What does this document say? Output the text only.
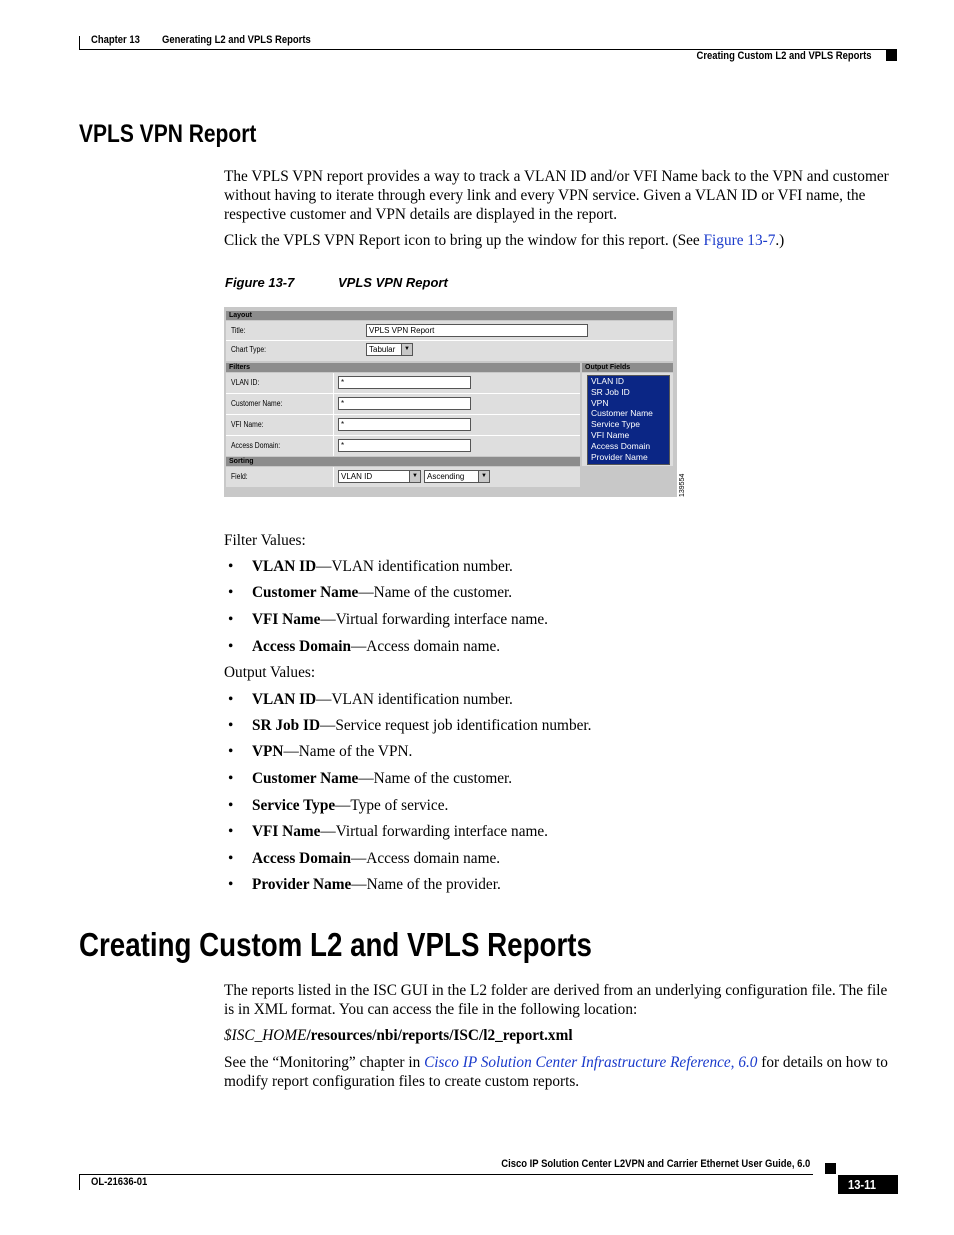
Chapter 13 Generating L2 and VPLS Reports
Creating Custom L2 and VPLS Reports
VPLS VPN Report

The VPLS VPN report provides a way to track a VLAN ID and/or VFI Name back to the VPN and customer without having to iterate through every link and every VPN service. Given a VLAN ID or VFI name, the respective customer and VPN details are displayed in the report.

Click the VPLS VPN Report icon to bring up the window for this report. (See Figure 13-7.)

Figure 13-7	VPLS VPN Report
Layout
Title:	VPLS VPN Report
Chart Type:	Tabular	▼
Filters
VLAN ID:	*
Customer Name:	*
VFI Name:	*
Access Domain:	*
Sorting
Field:	VLAN ID	▼	Ascending	▼
Output Fields
VLAN ID
SR Job ID
VPN
Customer Name
Service Type
VFI Name
Access Domain
Provider Name
139554

Filter Values:

• VLAN ID—VLAN identification number.
• Customer Name—Name of the customer.
• VFI Name—Virtual forwarding interface name.
• Access Domain—Access domain name.

Output Values:

• VLAN ID—VLAN identification number.
• SR Job ID—Service request job identification number.
• VPN—Name of the VPN.
• Customer Name—Name of the customer.
• Service Type—Type of service.
• VFI Name—Virtual forwarding interface name.
• Access Domain—Access domain name.
• Provider Name—Name of the provider.
Creating Custom L2 and VPLS Reports

The reports listed in the ISC GUI in the L2 folder are derived from an underlying configuration file. The file is in XML format. You can access the file in the following location:

$ISC_HOME/resources/nbi/reports/ISC/l2_report.xml

See the “Monitoring” chapter in Cisco IP Solution Center Infrastructure Reference, 6.0 for details on how to modify report configuration files to create custom reports.

Cisco IP Solution Center L2VPN and Carrier Ethernet User Guide, 6.0
OL-21636-01	13-11
